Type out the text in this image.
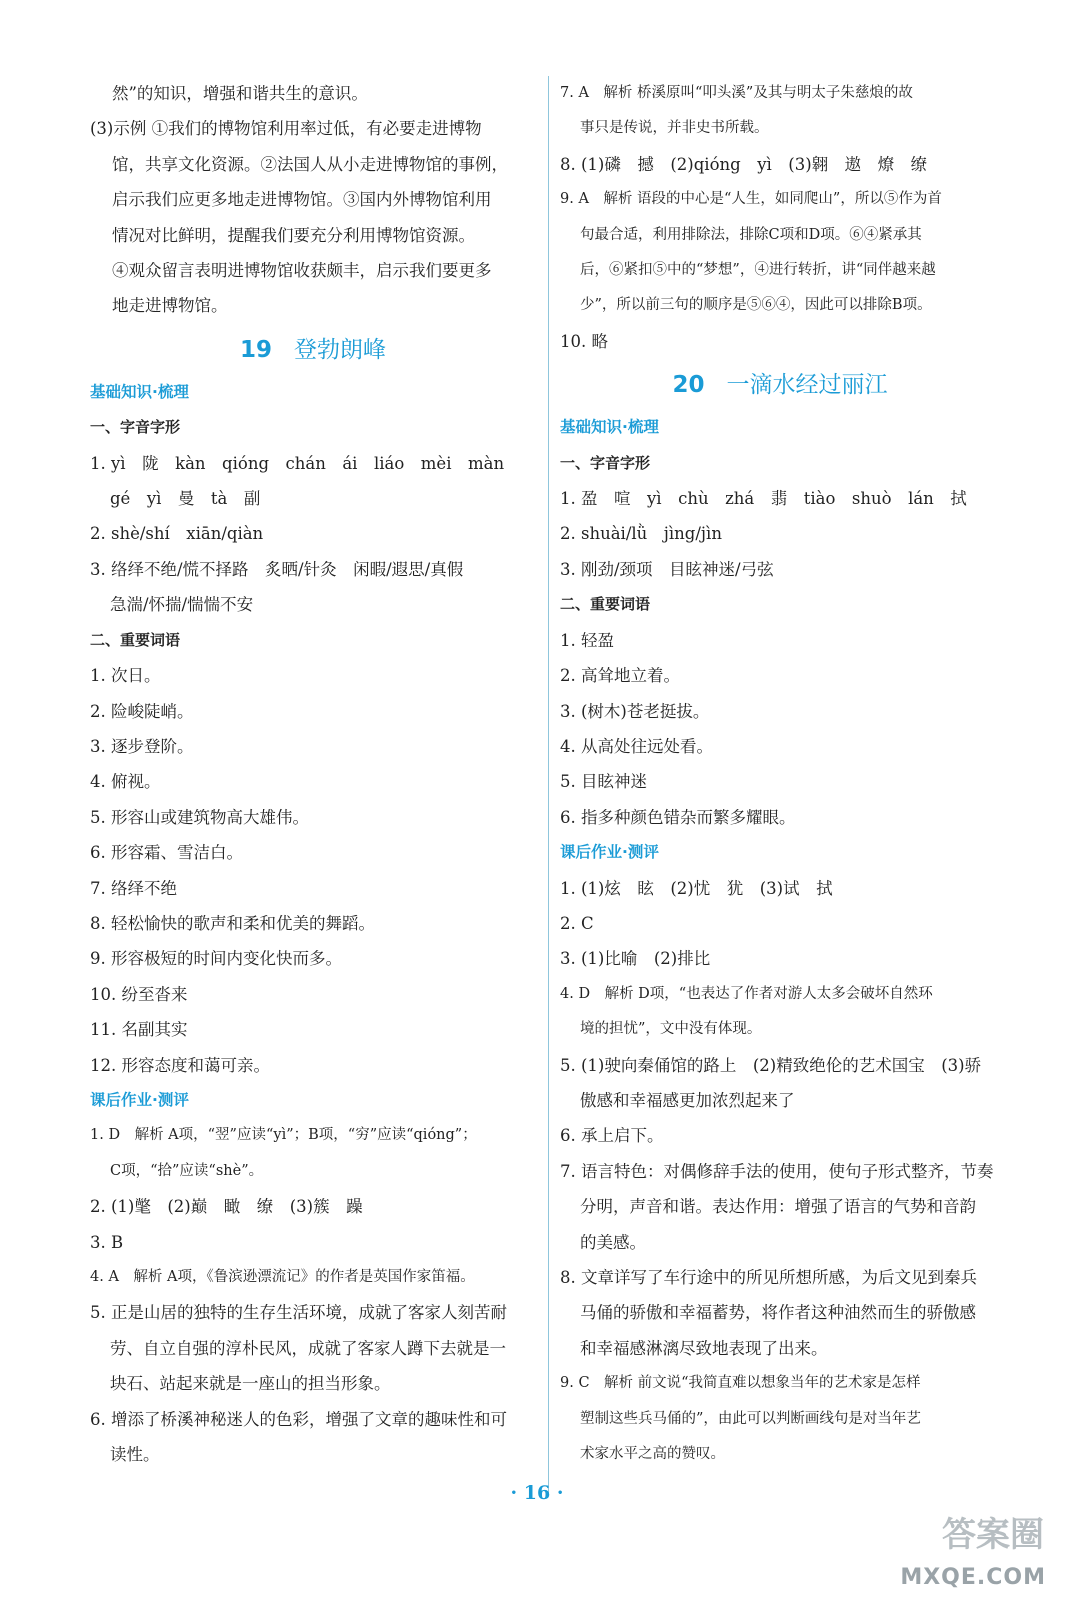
然”的知识，增强和谐共生的意识。
(3)示例 ①我们的博物馆利用率过低，有必要走进博物
馆，共享文化资源。②法国人从小走进博物馆的事例，
启示我们应更多地走进博物馆。③国内外博物馆利用
情况对比鲜明，提醒我们要充分利用博物馆资源。
④观众留言表明进博物馆收获颇丰，启示我们要更多
地走进博物馆。
19 登勃朗峰
基础知识·梳理
一、字音字形
1. yì　陇　kàn　qióng　chán　ái　liáo　mèi　màn
gé　yì　曼　tà　副
2. shè/shí　xiān/qiàn
3. 络绎不绝/慌不择路　炙晒/针灸　闲暇/遐思/真假
急湍/怀揣/惴惴不安
二、重要词语
1. 次日。
2. 险峻陡峭。
3. 逐步登阶。
4. 俯视。
5. 形容山或建筑物高大雄伟。
6. 形容霜、雪洁白。
7. 络绎不绝
8. 轻松愉快的歌声和柔和优美的舞蹈。
9. 形容极短的时间内变化快而多。
10. 纷至沓来
11. 名副其实
12. 形容态度和蔼可亲。
课后作业·测评
1. D　解析 A项，“翌”应读“yì”；B项，“穷”应读“qióng”；
C项，“拾”应读“shè”。
2. (1)氅　(2)巅　瞰　缭　(3)簇　躁
3. B
4. A　解析 A项，《鲁滨逊漂流记》的作者是英国作家笛福。
5. 正是山居的独特的生存生活环境，成就了客家人刻苦耐
劳、自立自强的淳朴民风，成就了客家人蹲下去就是一
块石、站起来就是一座山的担当形象。
6. 增添了桥溪神秘迷人的色彩，增强了文章的趣味性和可
读性。
7. A　解析 桥溪原叫“叩头溪”及其与明太子朱慈烺的故
事只是传说，并非史书所载。
8. (1)磷　撼　(2)qióng　yì　(3)翱　遨　燎　缭
9. A　解析 语段的中心是“人生，如同爬山”，所以⑤作为首
句最合适，利用排除法，排除C项和D项。⑥④紧承其
后，⑥紧扣⑤中的“梦想”，④进行转折，讲“同伴越来越
少”，所以前三句的顺序是⑤⑥④，因此可以排除B项。
10. 略
20 一滴水经过丽江
基础知识·梳理
一、字音字形
1. 盈　喧　yì　chù　zhá　翡　tiào　shuò　lán　拭
2. shuài/lǜ　jìng/jìn
3. 刚劲/颈项　目眩神迷/弓弦
二、重要词语
1. 轻盈
2. 高耸地立着。
3. (树木)苍老挺拔。
4. 从高处往远处看。
5. 目眩神迷
6. 指多种颜色错杂而繁多耀眼。
课后作业·测评
1. (1)炫　眩　(2)忧　犹　(3)试　拭
2. C
3. (1)比喻　(2)排比
4. D　解析 D项，“也表达了作者对游人太多会破坏自然环
境的担忧”，文中没有体现。
5. (1)驶向秦俑馆的路上　(2)精致绝伦的艺术国宝　(3)骄
傲感和幸福感更加浓烈起来了
6. 承上启下。
7. 语言特色：对偶修辞手法的使用，使句子形式整齐，节奏
分明，声音和谐。表达作用：增强了语言的气势和音韵
的美感。
8. 文章详写了车行途中的所见所想所感，为后文见到秦兵
马俑的骄傲和幸福蓄势，将作者这种油然而生的骄傲感
和幸福感淋漓尽致地表现了出来。
9. C　解析 前文说“我简直难以想象当年的艺术家是怎样
塑制这些兵马俑的”，由此可以判断画线句是对当年艺
术家水平之高的赞叹。
· 16 ·
答案圈
MXQE.COM
